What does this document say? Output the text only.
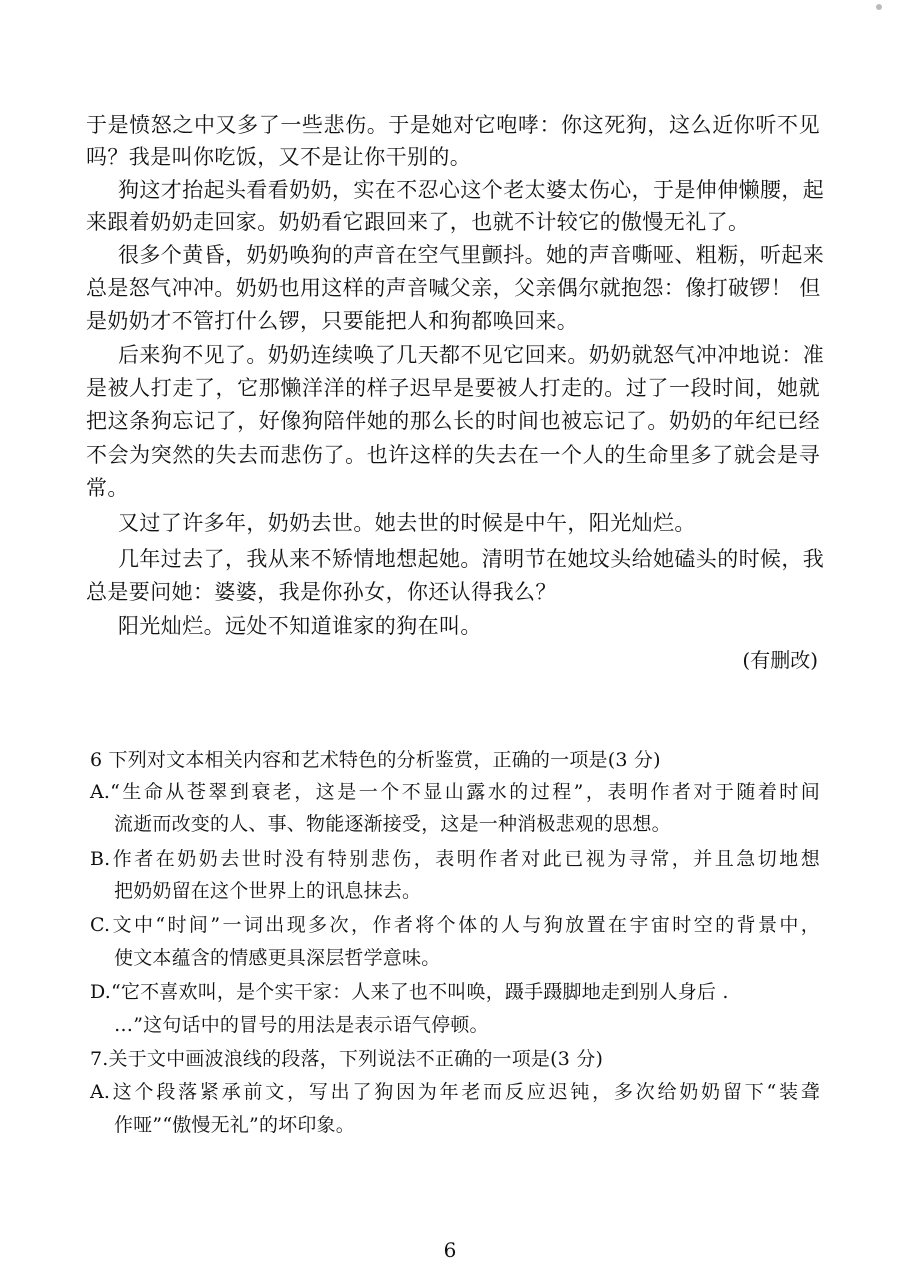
于是愤怒之中又多了一些悲伤。于是她对它咆哮：你这死狗，这么近你听不见
吗？我是叫你吃饭，又不是让你干别的。
狗这才抬起头看看奶奶，实在不忍心这个老太婆太伤心，于是伸伸懒腰，起
来跟着奶奶走回家。奶奶看它跟回来了，也就不计较它的傲慢无礼了。
很多个黄昏，奶奶唤狗的声音在空气里颤抖。她的声音嘶哑、粗粝，听起来
总是怒气冲冲。奶奶也用这样的声音喊父亲，父亲偶尔就抱怨：像打破锣！ 但
是奶奶才不管打什么锣，只要能把人和狗都唤回来。
后来狗不见了。奶奶连续唤了几天都不见它回来。奶奶就怒气冲冲地说：准
是被人打走了，它那懒洋洋的样子迟早是要被人打走的。过了一段时间，她就
把这条狗忘记了，好像狗陪伴她的那么长的时间也被忘记了。奶奶的年纪已经
不会为突然的失去而悲伤了。也许这样的失去在一个人的生命里多了就会是寻
常。
又过了许多年，奶奶去世。她去世的时候是中午，阳光灿烂。
几年过去了，我从来不矫情地想起她。清明节在她坟头给她磕头的时候，我
总是要问她：婆婆，我是你孙女，你还认得我么？
阳光灿烂。远处不知道谁家的狗在叫。
(有删改)
6 下列对文本相关内容和艺术特色的分析鉴赏，正确的一项是(3 分)
A.“生命从苍翠到衰老，这是一个不显山露水的过程”，表明作者对于随着时间
流逝而改变的人、事、物能逐渐接受，这是一种消极悲观的思想。
B.作者在奶奶去世时没有特别悲伤，表明作者对此已视为寻常，并且急切地想
把奶奶留在这个世界上的讯息抹去。
C.文中“时间”一词出现多次，作者将个体的人与狗放置在宇宙时空的背景中，
使文本蕴含的情感更具深层哲学意味。
D.“它不喜欢叫，是个实干家：人来了也不叫唤，蹑手蹑脚地走到别人身后 .
…”这句话中的冒号的用法是表示语气停顿。
7.关于文中画波浪线的段落，下列说法不正确的一项是(3 分)
A.这个段落紧承前文，写出了狗因为年老而反应迟钝，多次给奶奶留下“装聋
作哑”“傲慢无礼”的坏印象。
6
